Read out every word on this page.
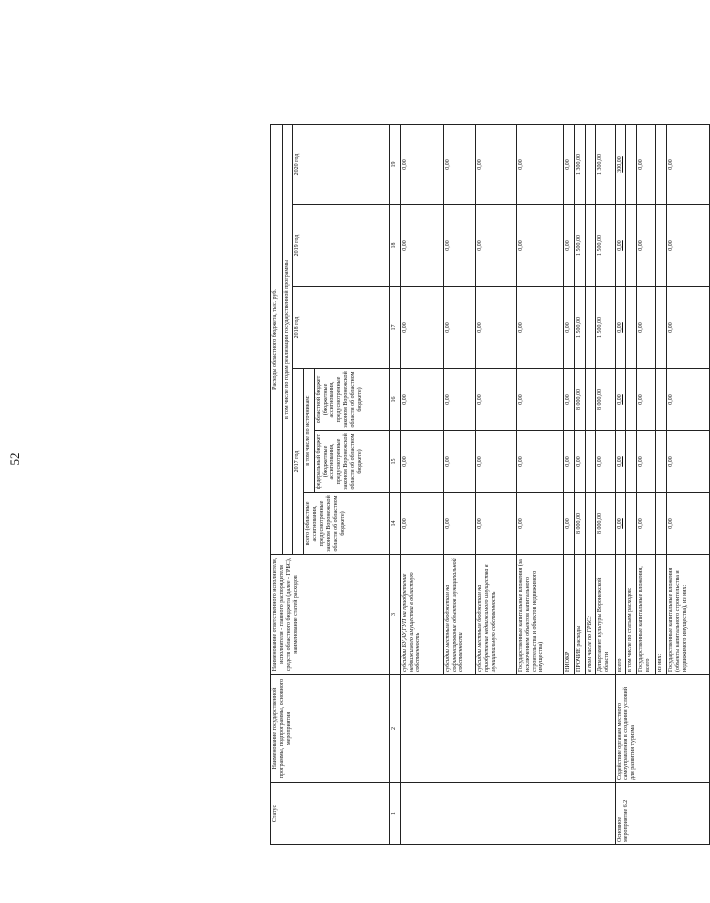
52
Статус	Наименование государственной программы, подпрограммы, основного мероприятия	Наименование ответственного исполнителя, исполнителя - главного распорядителя средств областного бюджета (далее - ГРБС), наименование статей расходов	Расходы областного бюджета, тыс. руб.					
			в том числе по годам реализации государственной программы					
			2017 год			2018 год	2019 год	2020 год
			всего (областные ассигнования, предусмотренные законом Воронежской области об областном бюджете)	в том числе по источникам:				
				федеральный бюджет (бюджетные ассигнования, предусмотренные законом Воронежской области об областном бюджете)	областной бюджет (бюджетные ассигнования, предусмотренные законом Воронежской области об областном бюджете)			
1	2	3	14	15	16	17	18	19
		субсидии БУ,АУ,ГУП на приобретение недвижимого имущества в областную собственность	0,00	0,00	0,00	0,00	0,00	0,00
		субсидии местным бюджетам на софинансирование объектов муниципальной собственности	0,00	0,00	0,00	0,00	0,00	0,00
		субсидии местным бюджетам на приобретение недвижимого имущества в муниципальную собственность	0,00	0,00	0,00	0,00	0,00	0,00
		Государственные капитальные вложения (за исключением объектов капитального строительства и объектов недвижимого имущества)	0,00	0,00	0,00	0,00	0,00	0,00
		НИОКР	0,00	0,00	0,00	0,00	0,00	0,00
		ПРОЧИЕ расходы	8 000,00	0,00	8 000,00	1 500,00	1 500,00	1 300,00
		в том числе по ГРБС:						
		Департамент культуры Воронежской области	8 000,00	0,00	8 000,00	1 500,00	1 500,00	1 300,00
Основное мероприятие 6.2	Содействие органам местного самоуправления в создании условий для развития туризма	всего	0,00	0,00	0,00	0,00	0,00	300,00
		в том числе по статьям расходов:						
		Государственные капитальные вложения, всего	0,00	0,00	0,00	0,00	0,00	0,00
		из них:						
		Государственные капитальные вложения (объекты капитального строительства и недвижимого имущества), из них:	0,00	0,00	0,00	0,00	0,00	0,00
